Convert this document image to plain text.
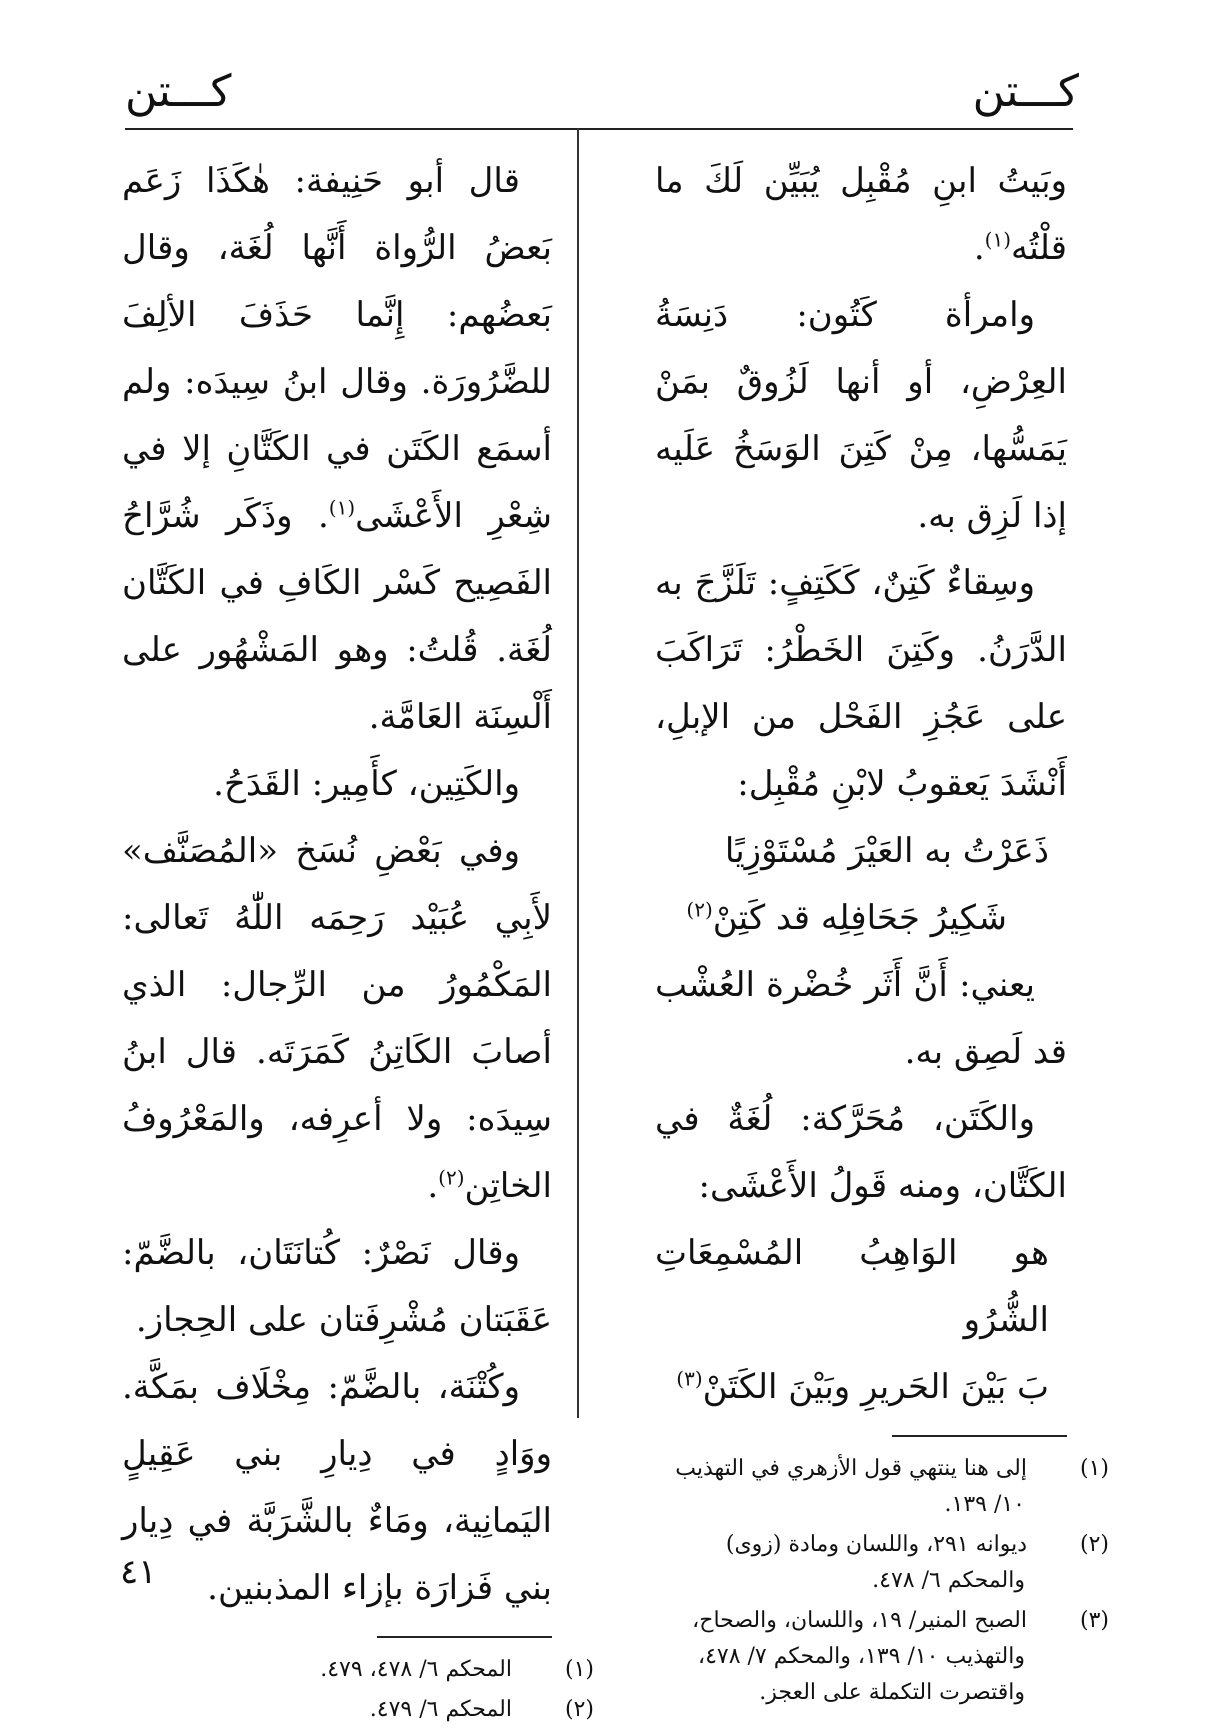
كـــتن
كـــتن

وبَيتُ ابنِ مُقْبِل يُبَيِّن لَكَ ما قلْتُه$^{(١)}$.

وامرأة كَتُون: دَنِسَةُ العِرْضِ، أو أنها لَزُوقٌ بمَنْ يَمَسُّها، مِنْ كَتِنَ الوَسَخُ عَلَيه إذا لَزِق به.

وسِقاءٌ كَتِنٌ، كَكَتِفٍ: تَلَزَّجَ به الدَّرَنُ. وكَتِنَ الخَطْرُ: تَرَاكَبَ على عَجُزِ الفَحْل من الإبلِ، أَنْشَدَ يَعقوبُ لابْنِ مُقْبِل:

ذَعَرْتُ به العَيْرَ مُسْتَوْزِيًا

شَكِيرُ جَحَافِلِه قد كَتِنْ$^{(٢)}$

يعني: أَنَّ أَثَر خُضْرة العُشْب قد لَصِق به.

والكَتَن، مُحَرَّكة: لُغَةٌ في الكَتَّان، ومنه قَولُ الأَعْشَى:

هو الوَاهِبُ المُسْمِعَاتِ الشُّرُو

بَ بَيْنَ الحَريرِ وبَيْنَ الكَتَنْ$^{(٣)}$

(١)إلى هنا ينتهي قول الأزهري في التهذيب ١٠/ ١٣٩.

(٢)ديوانه ٢٩١، واللسان ومادة (زوى) والمحكم ٦/ ٤٧٨.

(٣)الصبح المنير/ ١٩، واللسان، والصحاح، والتهذيب ١٠/ ١٣٩، والمحكم ٧/ ٤٧٨، واقتصرت التكملة على العجز.

قال أبو حَنِيفة: هٰكَذَا زَعَم بَعضُ الرُّواة أَنَّها لُغَة، وقال بَعضُهم: إِنَّما حَذَفَ الألِفَ للضَّرُورَة. وقال ابنُ سِيدَه: ولم أسمَع الكَتَن في الكَتَّانِ إلا في شِعْرِ الأَعْشَى$^{(١)}$. وذَكَر شُرَّاحُ الفَصِيح كَسْر الكَافِ في الكَتَّان لُغَة. قُلتُ: وهو المَشْهُور على أَلْسِنَة العَامَّة.

والكَتِين، كأَمِير: القَدَحُ.

وفي بَعْضِ نُسَخ «المُصَنَّف» لأَبِي عُبَيْد رَحِمَه اللّٰهُ تَعالى: المَكْمُورُ من الرِّجال: الذي أصابَ الكَاتِنُ كَمَرَتَه. قال ابنُ سِيدَه: ولا أعرِفه، والمَعْرُوفُ الخاتِن$^{(٢)}$.

وقال نَصْرٌ: كُتانَتَان، بالضَّمّ: عَقَبَتان مُشْرِفَتان على الحِجاز.

وكُتْنَة، بالضَّمّ: مِخْلَاف بمَكَّة. ووَادٍ في دِيارِ بني عَقِيلٍ اليَمانِية، ومَاءٌ بالشَّرَبَّة في دِيار بني فَزارَة بإزاء المذبنين.

(١)المحكم ٦/ ٤٧٨، ٤٧٩.

(٢)المحكم ٦/ ٤٧٩.

٤١
